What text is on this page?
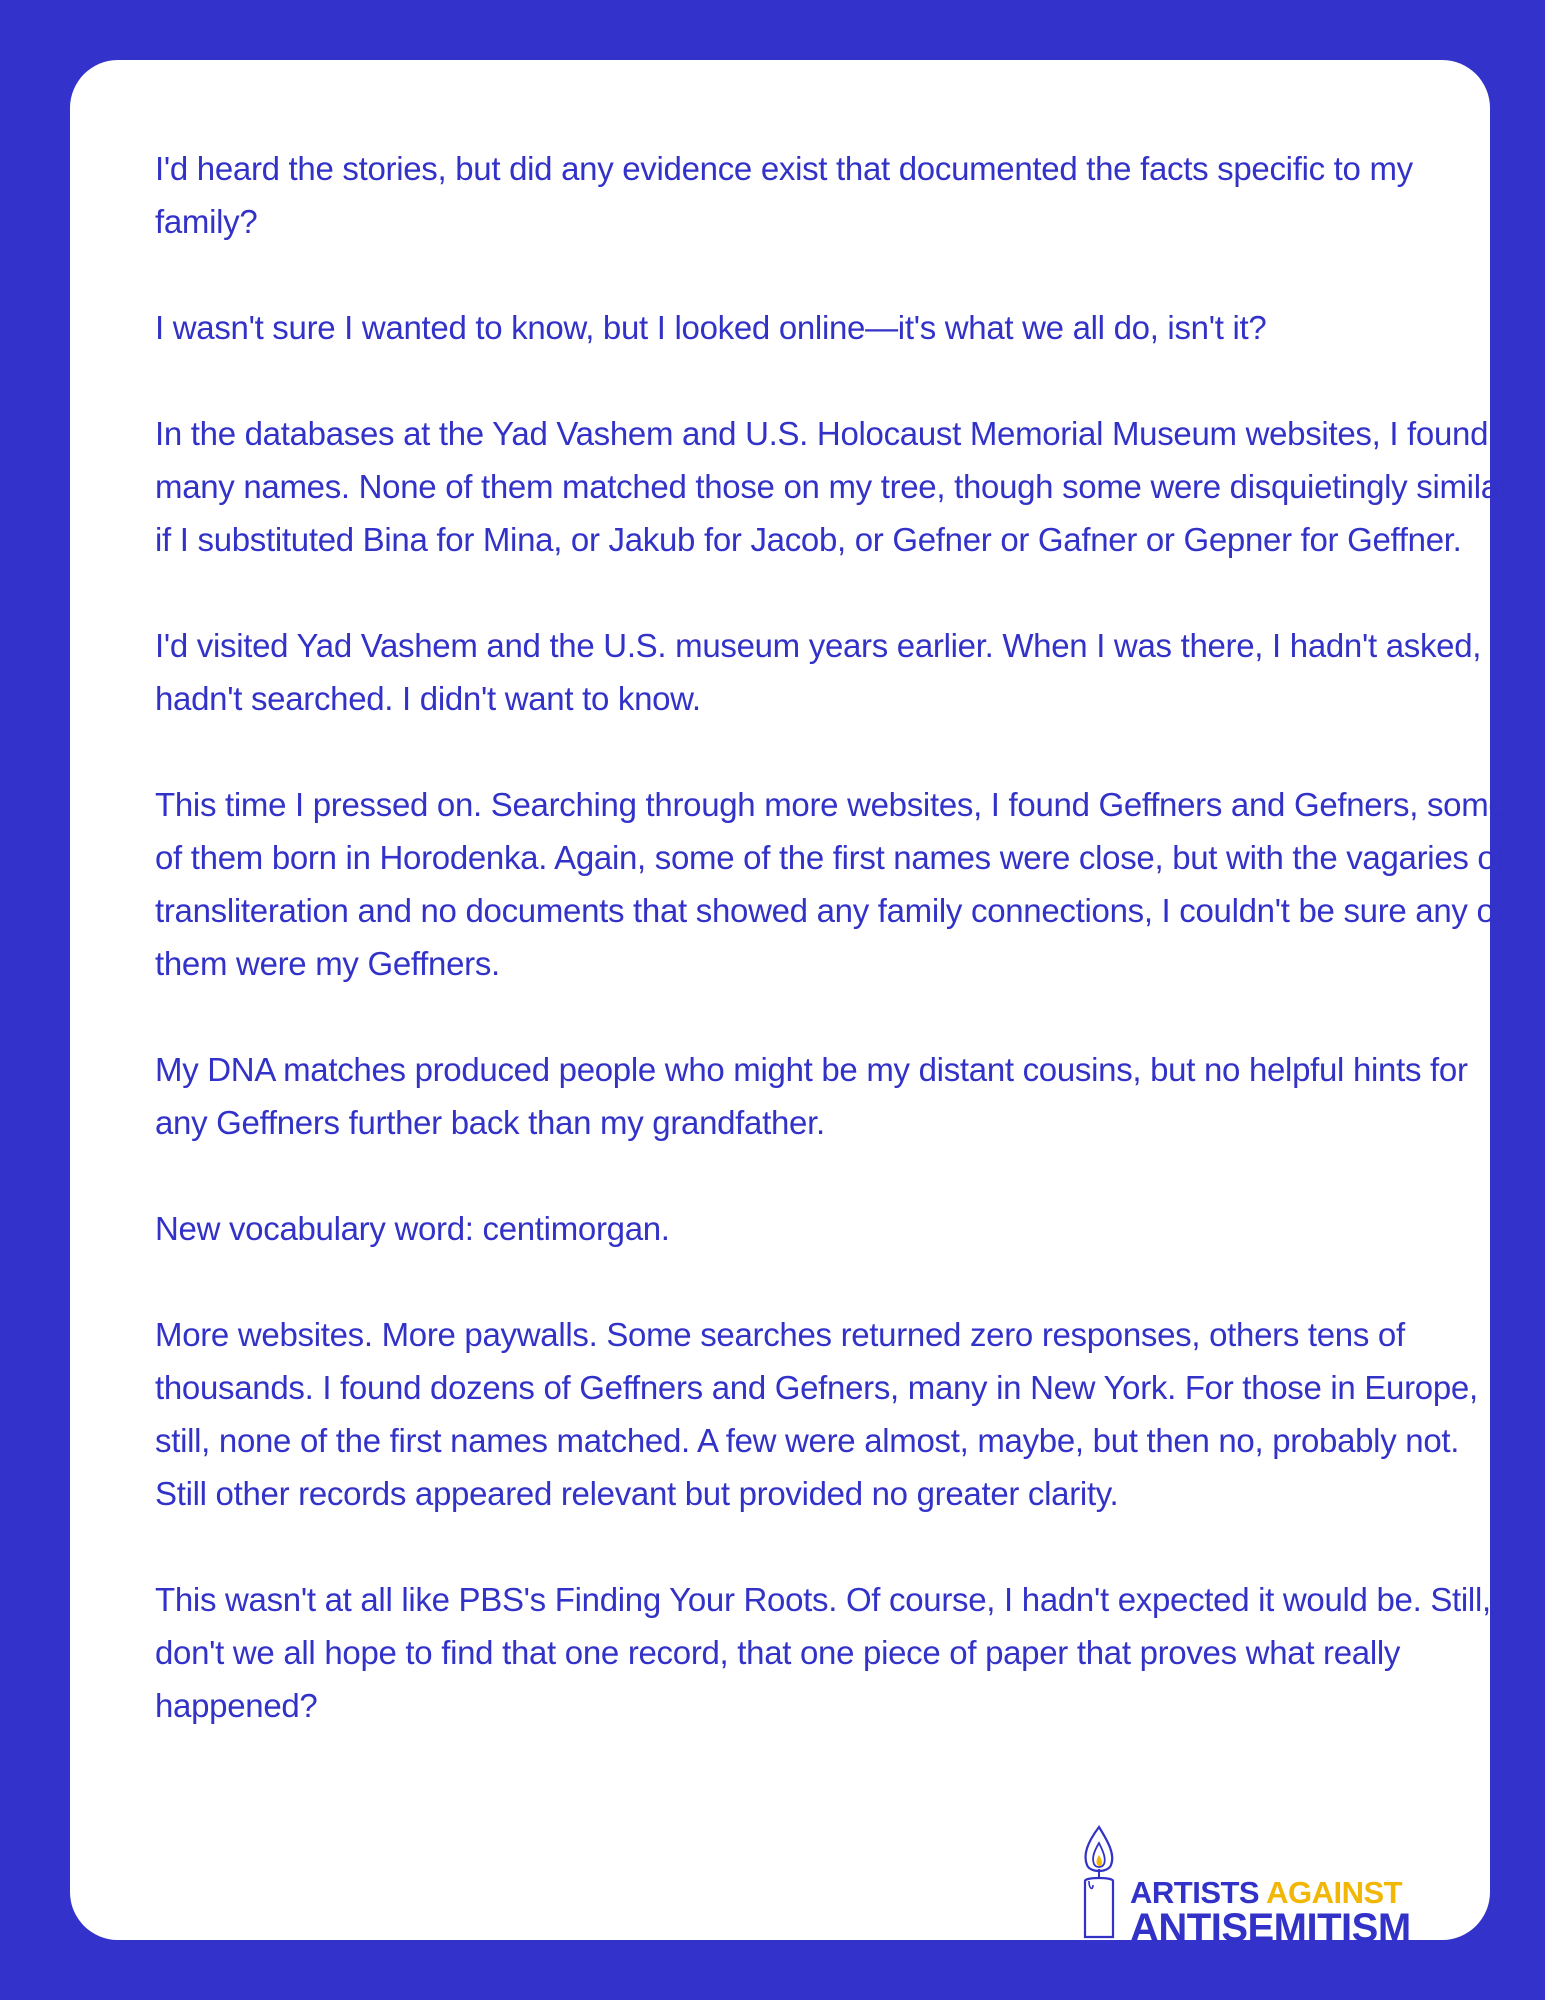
I'd heard the stories, but did any evidence exist that documented the facts specific to my family?

I wasn't sure I wanted to know, but I looked online—it's what we all do, isn't it?

In the databases at the Yad Vashem and U.S. Holocaust Memorial Museum websites, I found many names. None of them matched those on my tree, though some were disquietingly similar if I substituted Bina for Mina, or Jakub for Jacob, or Gefner or Gafner or Gepner for Geffner.

I'd visited Yad Vashem and the U.S. museum years earlier. When I was there, I hadn't asked, hadn't searched. I didn't want to know.

This time I pressed on. Searching through more websites, I found Geffners and Gefners, some of them born in Horodenka. Again, some of the first names were close, but with the vagaries of transliteration and no documents that showed any family connections, I couldn't be sure any of them were my Geffners.

My DNA matches produced people who might be my distant cousins, but no helpful hints for any Geffners further back than my grandfather.

New vocabulary word: centimorgan.

More websites. More paywalls. Some searches returned zero responses, others tens of thousands. I found dozens of Geffners and Gefners, many in New York. For those in Europe, still, none of the first names matched. A few were almost, maybe, but then no, probably not. Still other records appeared relevant but provided no greater clarity.

This wasn't at all like PBS's Finding Your Roots. Of course, I hadn't expected it would be. Still, don't we all hope to find that one record, that one piece of paper that proves what really happened?

ARTISTS AGAINST
ANTISEMITISM
